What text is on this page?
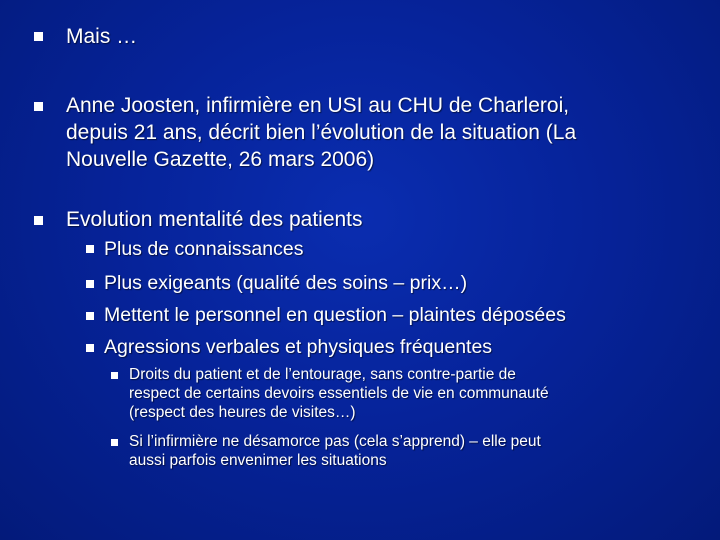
Mais …
Anne Joosten, infirmière en USI au CHU de Charleroi,
depuis 21 ans, décrit bien l’évolution de la situation (La
Nouvelle Gazette, 26 mars 2006)
Evolution mentalité des patients
Plus de connaissances
Plus exigeants (qualité des soins – prix…)
Mettent le personnel en question – plaintes déposées
Agressions verbales et physiques fréquentes
Droits du patient et de l’entourage, sans contre-partie de
respect de certains devoirs essentiels de vie en communauté
(respect des heures de visites…)
Si l’infirmière ne désamorce pas (cela s’apprend) – elle peut
aussi parfois envenimer les situations
